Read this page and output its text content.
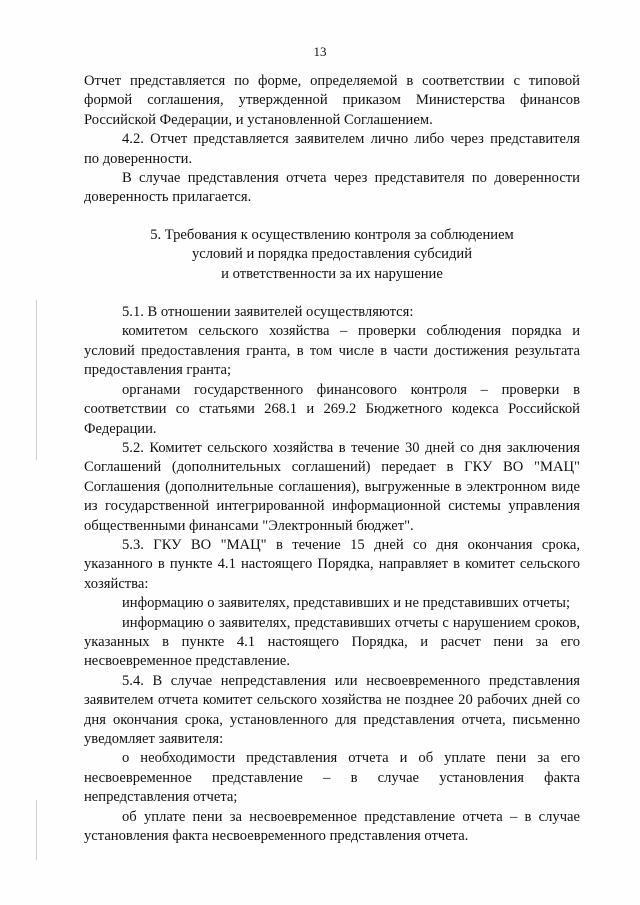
13

Отчет представляется по форме, определяемой в соответствии с типовой формой соглашения, утвержденной приказом Министерства финансов Российской Федерации, и установленной Соглашением.

4.2. Отчет представляется заявителем лично либо через представителя по доверенности.

В случае представления отчета через представителя по доверенности доверенность прилагается.

5. Требования к осуществлению контроля за соблюдением
условий и порядка предоставления субсидий
и ответственности за их нарушение

5.1. В отношении заявителей осуществляются:

комитетом сельского хозяйства – проверки соблюдения порядка и условий предоставления гранта, в том числе в части достижения результата предоставления гранта;

органами государственного финансового контроля – проверки в соответствии со статьями 268.1 и 269.2 Бюджетного кодекса Российской Федерации.

5.2. Комитет сельского хозяйства в течение 30 дней со дня заключения Соглашений (дополнительных соглашений) передает в ГКУ ВО "МАЦ" Соглашения (дополнительные соглашения), выгруженные в электронном виде из государственной интегрированной информационной системы управления общественными финансами "Электронный бюджет".

5.3. ГКУ ВО "МАЦ" в течение 15 дней со дня окончания срока, указанного в пункте 4.1 настоящего Порядка, направляет в комитет сельского хозяйства:

информацию о заявителях, представивших и не представивших отчеты;

информацию о заявителях, представивших отчеты с нарушением сроков, указанных в пункте 4.1 настоящего Порядка, и расчет пени за его несвоевременное представление.

5.4. В случае непредставления или несвоевременного представления заявителем отчета комитет сельского хозяйства не позднее 20 рабочих дней со дня окончания срока, установленного для представления отчета, письменно уведомляет заявителя:

о необходимости представления отчета и об уплате пени за его несвоевременное представление – в случае установления факта непредставления отчета;

об уплате пени за несвоевременное представление отчета – в случае установления факта несвоевременного представления отчета.
